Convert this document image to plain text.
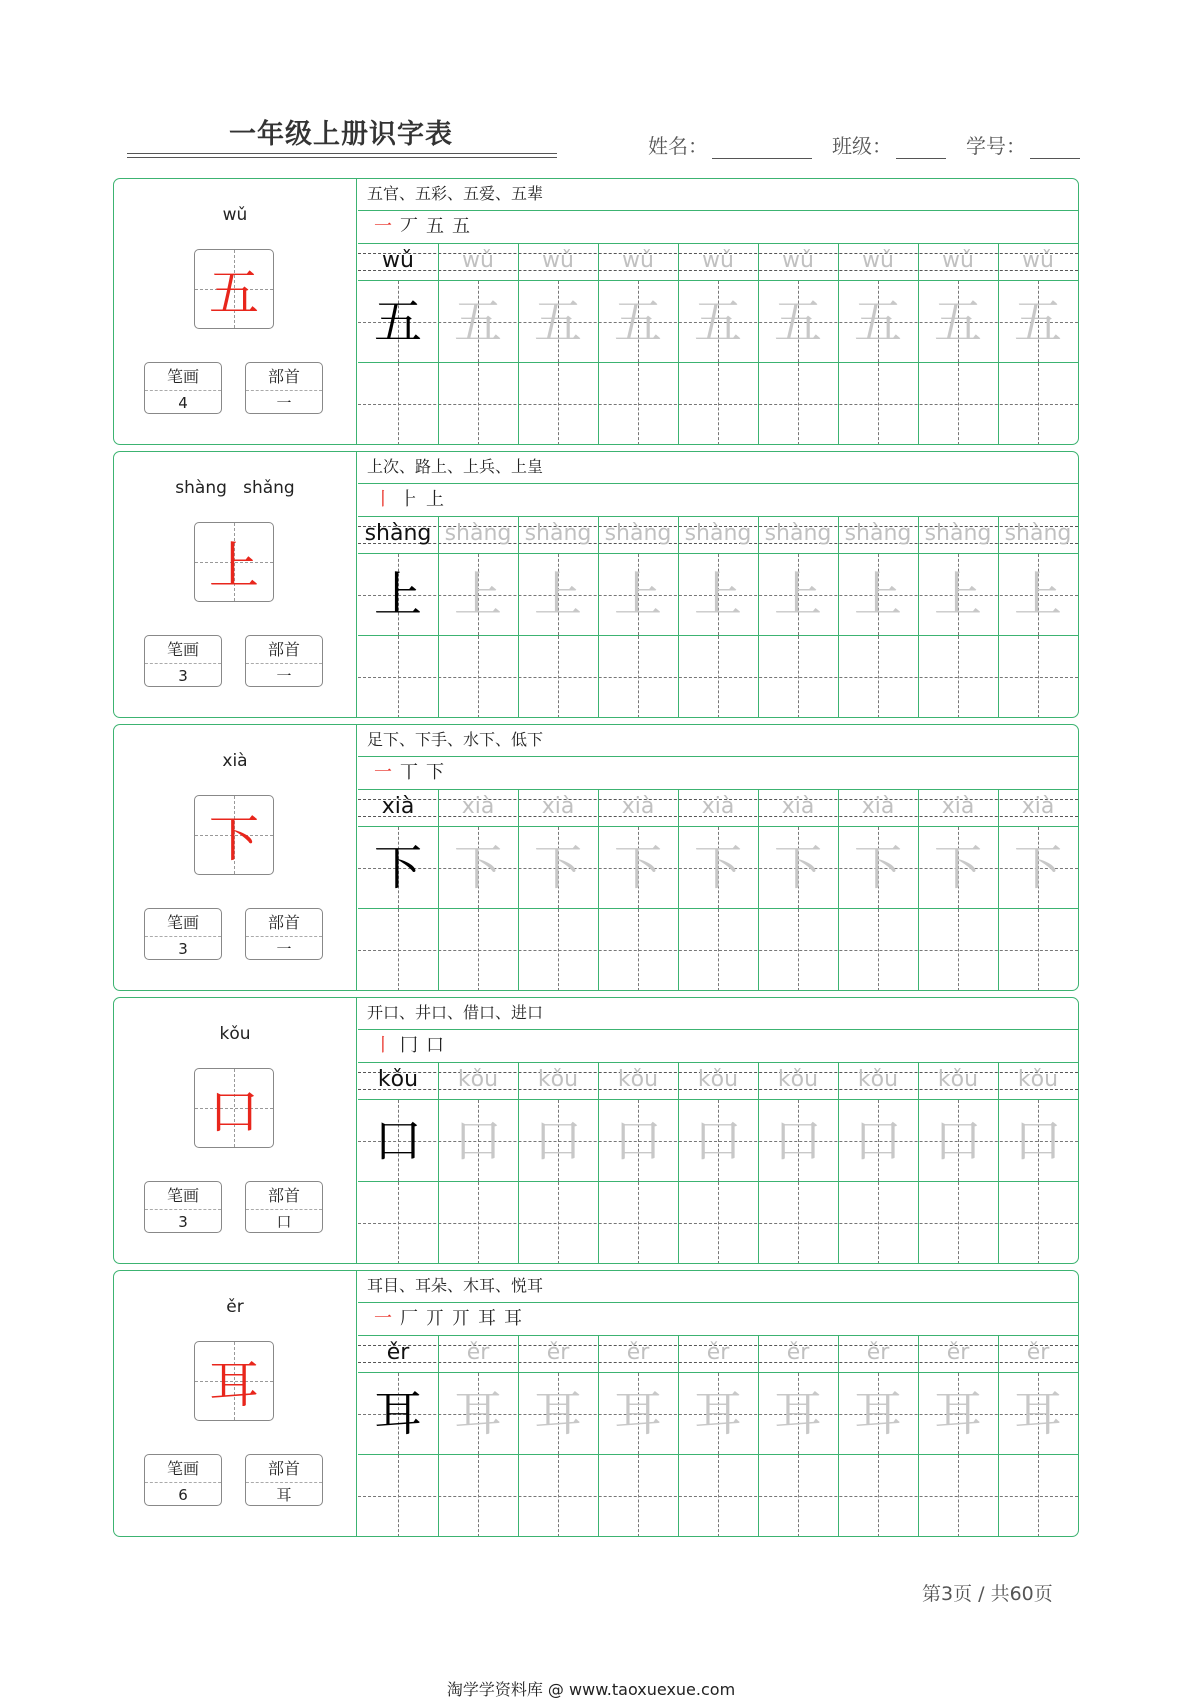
一年级上册识字表	姓名：	班级：	学号：
wǔ
五
笔画
4
部首
一
五官、五彩、五爱、五辈
一 丆 五 五
wǔ
五
wǔ
五
wǔ
五
wǔ
五
wǔ
五
wǔ
五
wǔ
五
wǔ
五
wǔ
五
shàng   shǎng
上
笔画
3
部首
一
上次、路上、上兵、上皇
丨 ⺊ 上
shàng
上
shàng
上
shàng
上
shàng
上
shàng
上
shàng
上
shàng
上
shàng
上
shàng
上
xià
下
笔画
3
部首
一
足下、下手、水下、低下
一 丅 下
xià
下
xià
下
xià
下
xià
下
xià
下
xià
下
xià
下
xià
下
xià
下
kǒu
口
笔画
3
部首
口
开口、井口、借口、进口
丨 冂 口
kǒu
口
kǒu
口
kǒu
口
kǒu
口
kǒu
口
kǒu
口
kǒu
口
kǒu
口
kǒu
口
ěr
耳
笔画
6
部首
耳
耳目、耳朵、木耳、悦耳
一 厂 丌 丌 耳 耳
ěr
耳
ěr
耳
ěr
耳
ěr
耳
ěr
耳
ěr
耳
ěr
耳
ěr
耳
ěr
耳
第3页 / 共60页
淘学学资料库 @ www.taoxuexue.com
